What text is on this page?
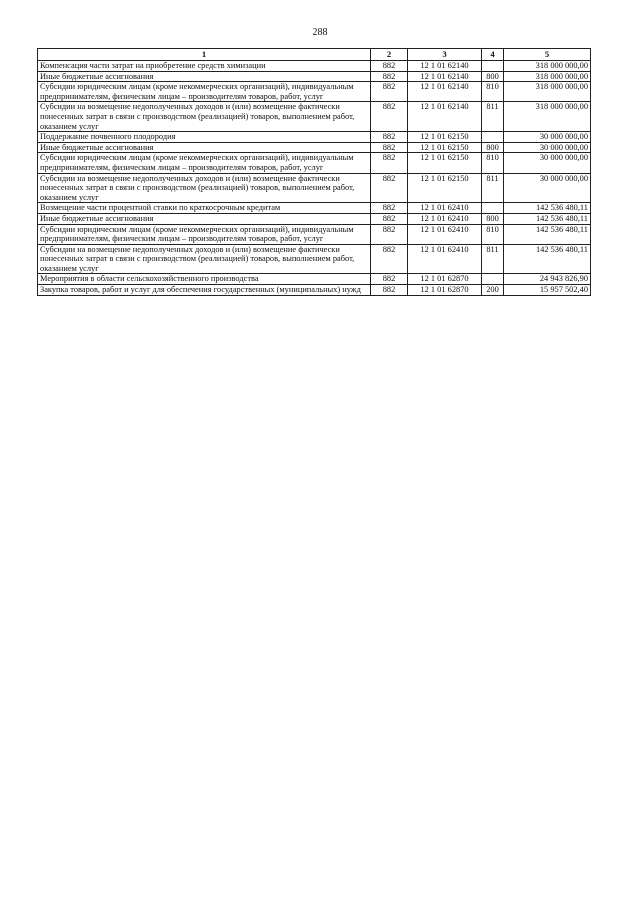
288
1	2	3	4	5
Компенсация части затрат на приобретение средств химизации	882	12 1 01 62140		318 000 000,00
Иные бюджетные ассигнования	882	12 1 01 62140	800	318 000 000,00
Субсидии юридическим лицам (кроме некоммерческих организаций), индивидуальным предпринимателям, физическим лицам – производителям товаров, работ, услуг	882	12 1 01 62140	810	318 000 000,00
Субсидии на возмещение недополученных доходов и (или) возмещение фактически понесенных затрат в связи с производством (реализацией) товаров, выполнением работ, оказанием услуг	882	12 1 01 62140	811	318 000 000,00
Поддержание почвенного плодородия	882	12 1 01 62150		30 000 000,00
Иные бюджетные ассигнования	882	12 1 01 62150	800	30 000 000,00
Субсидии юридическим лицам (кроме некоммерческих организаций), индивидуальным предпринимателям, физическим лицам – производителям товаров, работ, услуг	882	12 1 01 62150	810	30 000 000,00
Субсидии на возмещение недополученных доходов и (или) возмещение фактически понесенных затрат в связи с производством (реализацией) товаров, выполнением работ, оказанием услуг	882	12 1 01 62150	811	30 000 000,00
Возмещение части процентной ставки по краткосрочным кредитам	882	12 1 01 62410		142 536 480,11
Иные бюджетные ассигнования	882	12 1 01 62410	800	142 536 480,11
Субсидии юридическим лицам (кроме некоммерческих организаций), индивидуальным предпринимателям, физическим лицам – производителям товаров, работ, услуг	882	12 1 01 62410	810	142 536 480,11
Субсидии на возмещение недополученных доходов и (или) возмещение фактически понесенных затрат в связи с производством (реализацией) товаров, выполнением работ, оказанием услуг	882	12 1 01 62410	811	142 536 480,11
Мероприятия в области сельскохозяйственного производства	882	12 1 01 62870		24 943 826,90
Закупка товаров, работ и услуг для обеспечения государственных (муниципальных) нужд	882	12 1 01 62870	200	15 957 502,40
